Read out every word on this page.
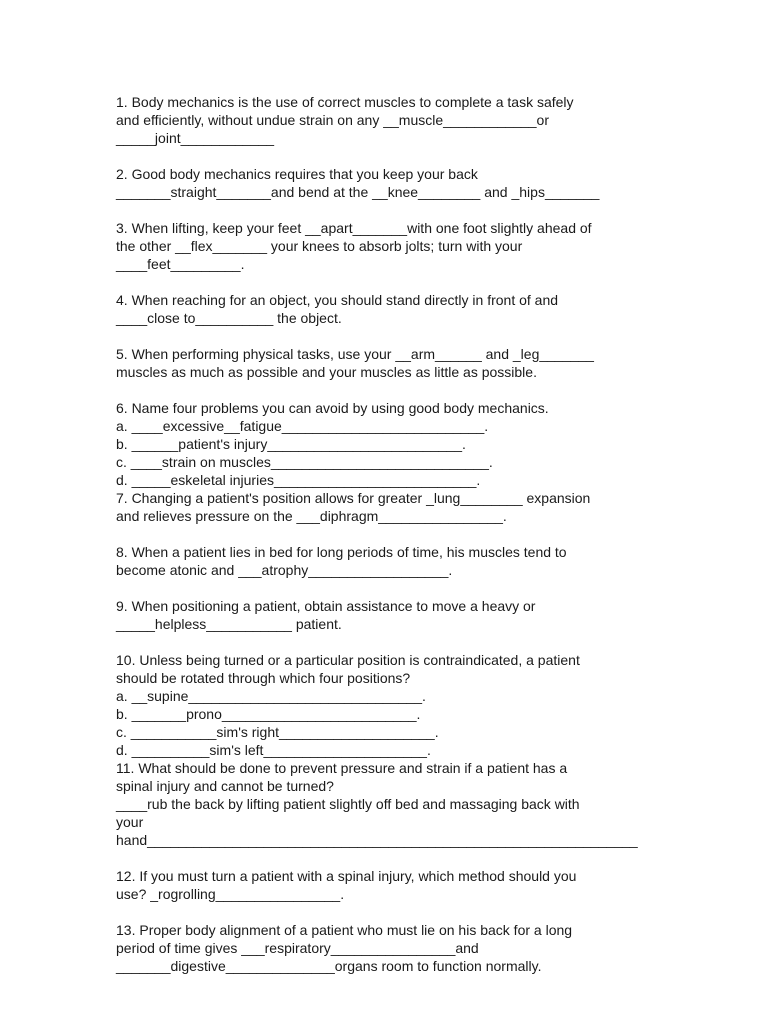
1. Body mechanics is the use of correct muscles to complete a task safely
and efficiently, without undue strain on any __muscle____________or
_____joint____________
2. Good body mechanics requires that you keep your back
_______straight_______and bend at the __knee________ and _hips_______
3. When lifting, keep your feet __apart_______with one foot slightly ahead of
the other __flex_______ your knees to absorb jolts; turn with your
____feet_________.
4. When reaching for an object, you should stand directly in front of and
____close to__________ the object.
5. When performing physical tasks, use your __arm______ and _leg_______
muscles as much as possible and your muscles as little as possible.
6. Name four problems you can avoid by using good body mechanics.
a. ____excessive__fatigue__________________________.
b. ______patient's injury_________________________.
c. ____strain on muscles____________________________.
d. _____eskeletal injuries__________________________.
7. Changing a patient's position allows for greater _lung________ expansion
and relieves pressure on the ___diphragm________________.
8. When a patient lies in bed for long periods of time, his muscles tend to
become atonic and ___atrophy__________________.
9. When positioning a patient, obtain assistance to move a heavy or
_____helpless___________ patient.
10. Unless being turned or a particular position is contraindicated, a patient
should be rotated through which four positions?
a. __supine______________________________.
b. _______prono_________________________.
c. ___________sim's right____________________.
d. __________sim's left_____________________.
11. What should be done to prevent pressure and strain if a patient has a
spinal injury and cannot be turned?
____rub the back by lifting patient slightly off bed and massaging back with
your
hand_______________________________________________________________
12. If you must turn a patient with a spinal injury, which method should you
use? _rogrolling________________.
13. Proper body alignment of a patient who must lie on his back for a long
period of time gives ___respiratory________________and
_______digestive______________organs room to function normally.
